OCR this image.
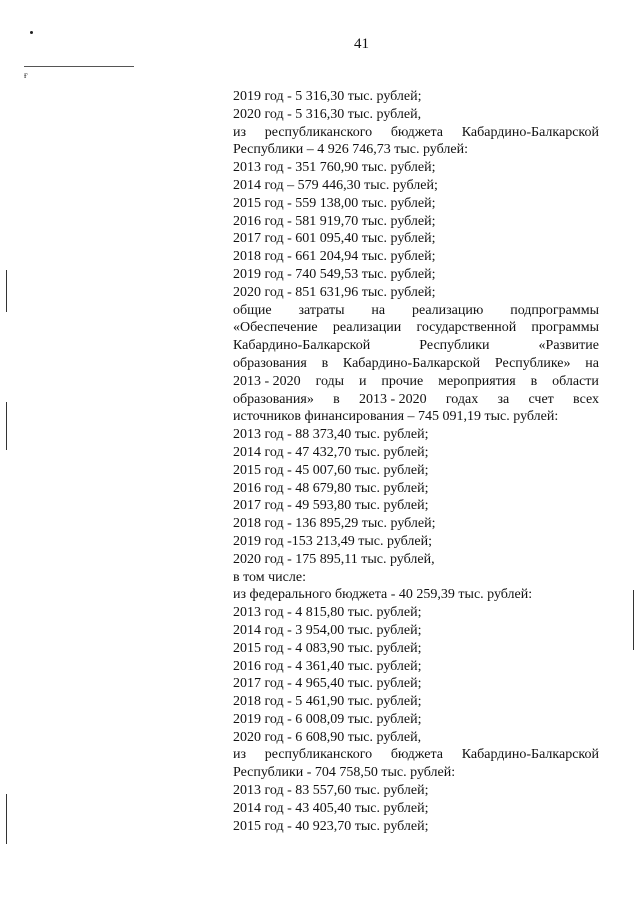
41
ғ
2019 год - 5 316,30 тыс. рублей;
2020 год - 5 316,30 тыс. рублей,
из республиканского бюджета Кабардино-Балкарской
Республики – 4 926 746,73 тыс. рублей:
2013 год - 351 760,90 тыс. рублей;
2014 год – 579 446,30 тыс. рублей;
2015 год - 559 138,00 тыс. рублей;
2016 год - 581 919,70 тыс. рублей;
2017 год - 601 095,40 тыс. рублей;
2018 год - 661 204,94 тыс. рублей;
2019 год - 740 549,53 тыс. рублей;
2020 год - 851 631,96 тыс. рублей;
общие затраты на реализацию подпрограммы
«Обеспечение реализации государственной программы
Кабардино-Балкарской	Республики	«Развитие
образования в Кабардино-Балкарской Республике» на
2013 - 2020 годы и прочие мероприятия в области
образования» в 2013 - 2020 годах за счет всех
источников финансирования – 745 091,19 тыс. рублей:
2013 год - 88 373,40 тыс. рублей;
2014 год - 47 432,70 тыс. рублей;
2015 год - 45 007,60 тыс. рублей;
2016 год - 48 679,80 тыс. рублей;
2017 год - 49 593,80 тыс. рублей;
2018 год - 136 895,29 тыс. рублей;
2019 год -153 213,49 тыс. рублей;
2020 год - 175 895,11 тыс. рублей,
в том числе:
из федерального бюджета - 40 259,39 тыс. рублей:
2013 год - 4 815,80 тыс. рублей;
2014 год - 3 954,00 тыс. рублей;
2015 год - 4 083,90 тыс. рублей;
2016 год - 4 361,40 тыс. рублей;
2017 год - 4 965,40 тыс. рублей;
2018 год - 5 461,90 тыс. рублей;
2019 год - 6 008,09 тыс. рублей;
2020 год - 6 608,90 тыс. рублей,
из республиканского бюджета Кабардино-Балкарской
Республики - 704 758,50 тыс. рублей:
2013 год - 83 557,60 тыс. рублей;
2014 год - 43 405,40 тыс. рублей;
2015 год - 40 923,70 тыс. рублей;
